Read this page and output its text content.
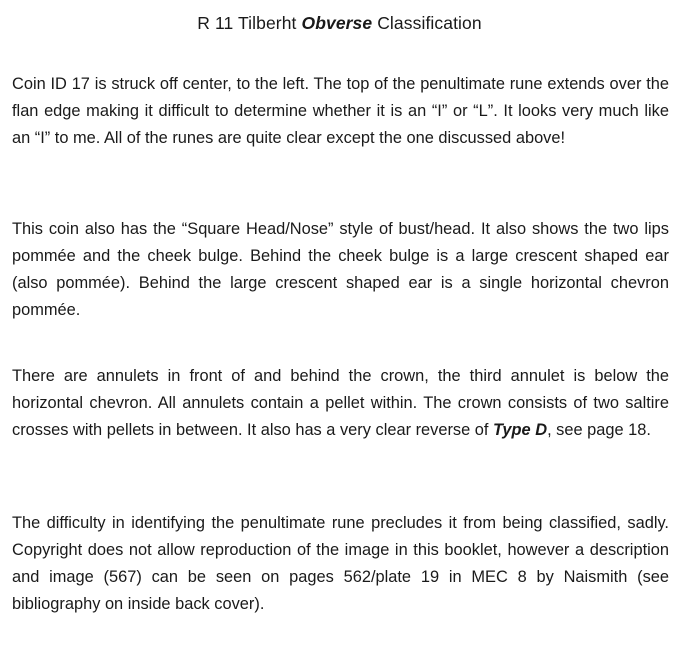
R 11 Tilberht Obverse Classification

Coin ID 17 is struck off center, to the left. The top of the penultimate rune extends over the flan edge making it difficult to determine whether it is an “I” or “L”. It looks very much like an “I” to me. All of the runes are quite clear except the one discussed above!

This coin also has the “Square Head/Nose” style of bust/head. It also shows the two lips pommée and the cheek bulge. Behind the cheek bulge is a large crescent shaped ear (also pommée). Behind the large crescent shaped ear is a single horizontal chevron pommée.

There are annulets in front of and behind the crown, the third annulet is below the horizontal chevron. All annulets contain a pellet within. The crown consists of two saltire crosses with pellets in between. It also has a very clear reverse of Type D, see page 18.

The difficulty in identifying the penultimate rune precludes it from being classified, sadly. Copyright does not allow reproduction of the image in this booklet, however a description and image (567) can be seen on pages 562/plate 19 in MEC 8 by Naismith (see bibliography on inside back cover).
